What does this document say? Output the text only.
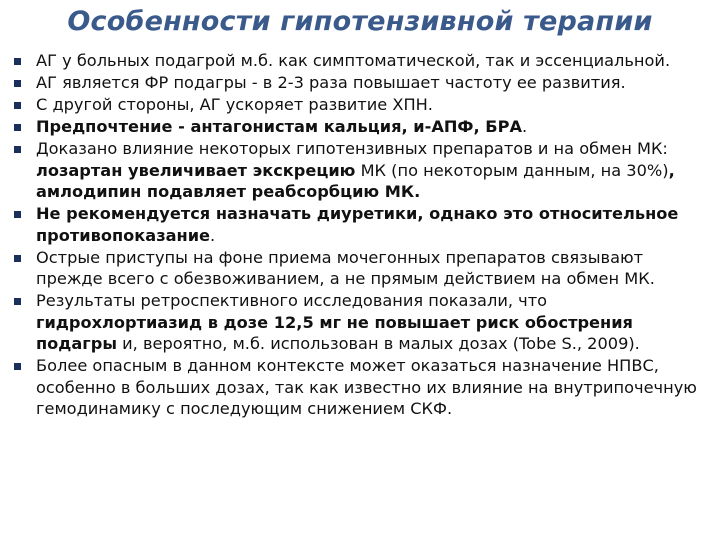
Особенности гипотензивной терапии
АГ у больных подагрой м.б. как симптоматической, так и эссенциальной.
АГ является ФР подагры - в 2-3 раза повышает частоту ее развития.
С другой стороны, АГ ускоряет развитие ХПН.
Предпочтение - антагонистам кальция, и-АПФ, БРА.
Доказано влияние некоторых гипотензивных препаратов и на обмен МК: лозартан увеличивает экскрецию МК (по некоторым данным, на 30%), амлодипин подавляет реабсорбцию МК.
Не рекомендуется назначать диуретики, однако это относительное противопоказание.
Острые приступы на фоне приема мочегонных препаратов связывают прежде всего с обезвоживанием, а не прямым действием на обмен МК.
Результаты ретроспективного исследования показали, что гидрохлортиазид в дозе 12,5 мг не повышает риск обострения подагры и, вероятно, м.б. использован в малых дозах (Tobe S., 2009).
Более опасным в данном контексте может оказаться назначение НПВС, особенно в больших дозах, так как известно их влияние на внутрипочечную гемодинамику с последующим снижением СКФ.
